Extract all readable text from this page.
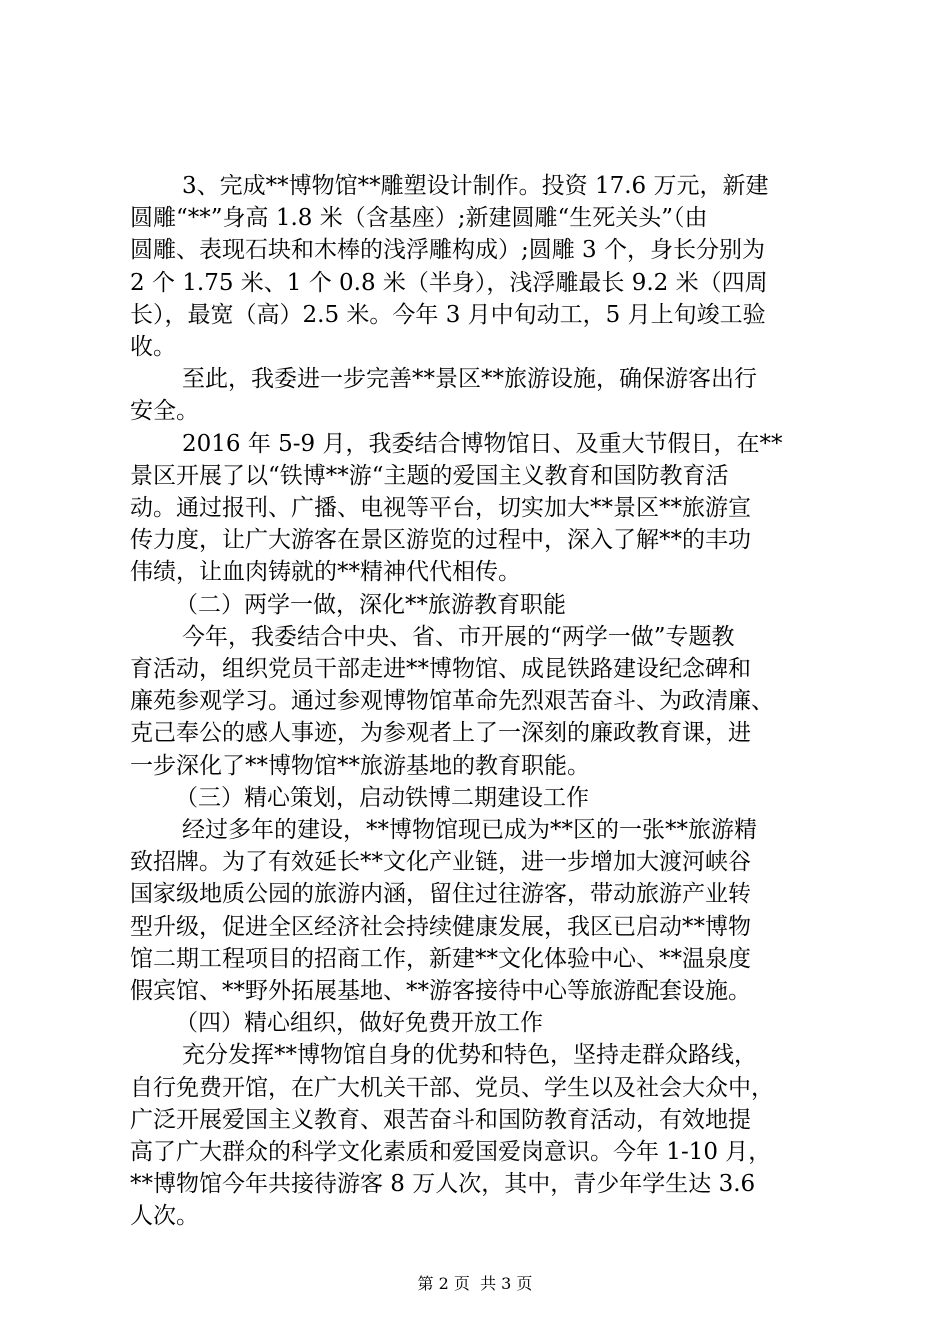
3、完成**博物馆**雕塑设计制作。投资 17.6 万元，新建
圆雕“**”身高 1.8 米（含基座）;新建圆雕“生死关头”（由
圆雕、表现石块和木棒的浅浮雕构成）;圆雕 3 个，身长分别为
2 个 1.75 米、1 个 0.8 米（半身），浅浮雕最长 9.2 米（四周
长），最宽（高）2.5 米。今年 3 月中旬动工，5 月上旬竣工验
收。
至此，我委进一步完善**景区**旅游设施，确保游客出行
安全。
2016 年 5-9 月，我委结合博物馆日、及重大节假日，在**
景区开展了以“铁博**游“主题的爱国主义教育和国防教育活
动。通过报刊、广播、电视等平台，切实加大**景区**旅游宣
传力度，让广大游客在景区游览的过程中，深入了解**的丰功
伟绩，让血肉铸就的**精神代代相传。
（二）两学一做，深化**旅游教育职能
今年，我委结合中央、省、市开展的“两学一做”专题教
育活动，组织党员干部走进**博物馆、成昆铁路建设纪念碑和
廉苑参观学习。通过参观博物馆革命先烈艰苦奋斗、为政清廉、
克己奉公的感人事迹，为参观者上了一深刻的廉政教育课，进
一步深化了**博物馆**旅游基地的教育职能。
（三）精心策划，启动铁博二期建设工作
经过多年的建设，**博物馆现已成为**区的一张**旅游精
致招牌。为了有效延长**文化产业链，进一步增加大渡河峡谷
国家级地质公园的旅游内涵，留住过往游客，带动旅游产业转
型升级，促进全区经济社会持续健康发展，我区已启动**博物
馆二期工程项目的招商工作，新建**文化体验中心、**温泉度
假宾馆、**野外拓展基地、**游客接待中心等旅游配套设施。
（四）精心组织，做好免费开放工作
充分发挥**博物馆自身的优势和特色，坚持走群众路线，
自行免费开馆，在广大机关干部、党员、学生以及社会大众中，
广泛开展爱国主义教育、艰苦奋斗和国防教育活动，有效地提
高了广大群众的科学文化素质和爱国爱岗意识。今年 1-10 月，
**博物馆今年共接待游客 8 万人次，其中，青少年学生达 3.6
人次。
第 2 页  共 3 页
